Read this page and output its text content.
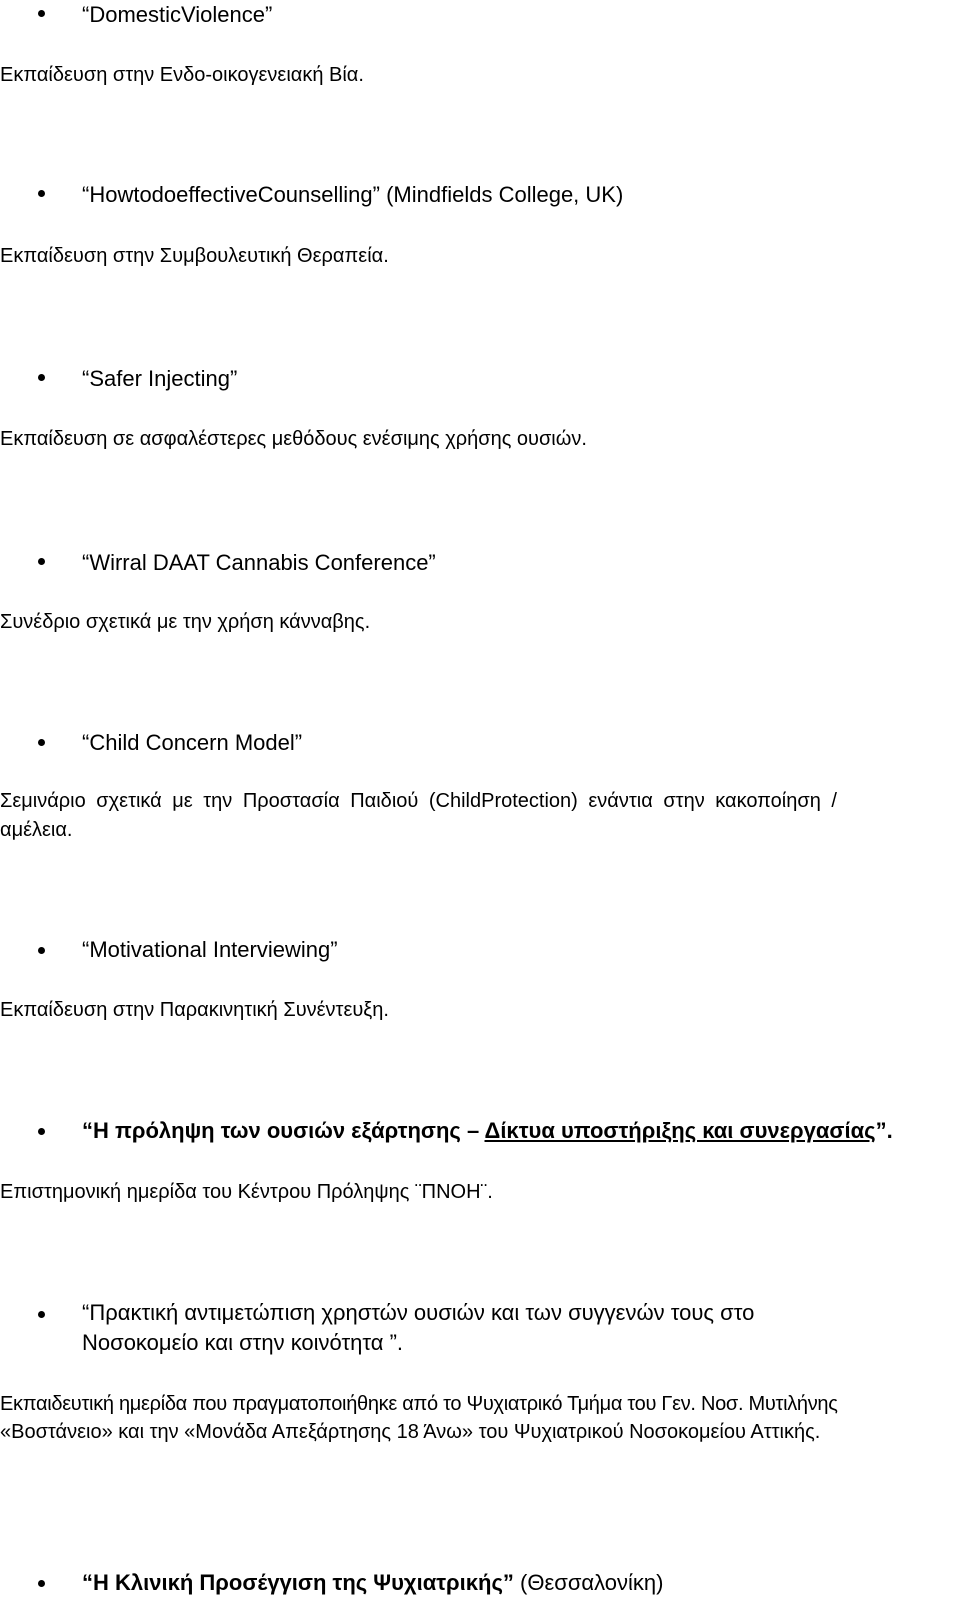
“DomesticViolence”
Εκπαίδευση στην Ενδο-οικογενειακή Βία.
“HowtodoeffectiveCounselling” (Mindfields College, UK)
Εκπαίδευση στην Συμβουλευτική Θεραπεία.
“Safer Injecting”
Εκπαίδευση σε ασφαλέστερες μεθόδους ενέσιμης χρήσης ουσιών.
“Wirral DAAT Cannabis Conference”
Συνέδριο σχετικά με την χρήση κάνναβης.
“Child Concern Model”
Σεμινάριο σχετικά με την Προστασία Παιδιού (ChildProtection) ενάντια στην κακοποίηση /
αμέλεια.
“Motivational Interviewing”
Εκπαίδευση στην Παρακινητική Συνέντευξη.
“Η πρόληψη των ουσιών εξάρτησης – Δίκτυα υποστήριξης και συνεργασίας”.
Επιστημονική ημερίδα του Κέντρου Πρόληψης ¨ΠΝΟΗ¨.
“Πρακτική αντιμετώπιση χρηστών ουσιών και των συγγενών τους στο
Νοσοκομείο και στην κοινότητα ”.
Εκπαιδευτική ημερίδα που πραγματοποιήθηκε από το Ψυχιατρικό Τμήμα του Γεν. Νοσ. Μυτιλήνης
«Βοστάνειο» και την «Μονάδα Απεξάρτησης 18 Άνω» του Ψυχιατρικού Νοσοκομείου Αττικής.
“Η Κλινική Προσέγγιση της Ψυχιατρικής” (Θεσσαλονίκη)
